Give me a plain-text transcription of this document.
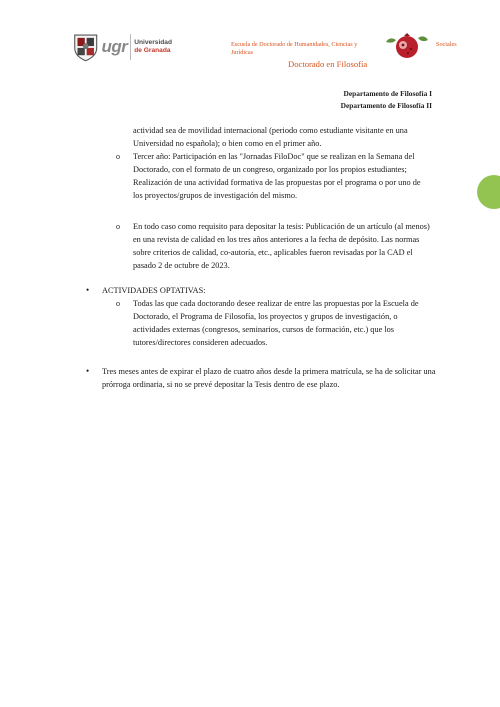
ugr Universidad
de Granada
Escuela de Doctorado de Humanidades, Ciencias y Jurídicas
Sociales
Doctorado en Filosofía
Departamento de Filosofía I
Departamento de Filosofía II
actividad sea de movilidad internacional (periodo como estudiante visitante en una Universidad no española); o bien como en el primer año.
o Tercer año: Participación en las "Jornadas FiloDoc" que se realizan en la Semana del Doctorado, con el formato de un congreso, organizado por los propios estudiantes; Realización de una actividad formativa de las propuestas por el programa o por uno de los proyectos/grupos de investigación del mismo.
o En todo caso como requisito para depositar la tesis: Publicación de un artículo (al menos) en una revista de calidad en los tres años anteriores a la fecha de depósito. Las normas sobre criterios de calidad, co-autoría, etc., aplicables fueron revisadas por la CAD el pasado 2 de octubre de 2023.
• ACTIVIDADES OPTATIVAS:
o Todas las que cada doctorando desee realizar de entre las propuestas por la Escuela de Doctorado, el Programa de Filosofía, los proyectos y grupos de investigación, o actividades externas (congresos, seminarios, cursos de formación, etc.) que los tutores/directores consideren adecuados.
• Tres meses antes de expirar el plazo de cuatro años desde la primera matrícula, se ha de solicitar una prórroga ordinaria, si no se prevé depositar la Tesis dentro de ese plazo.
